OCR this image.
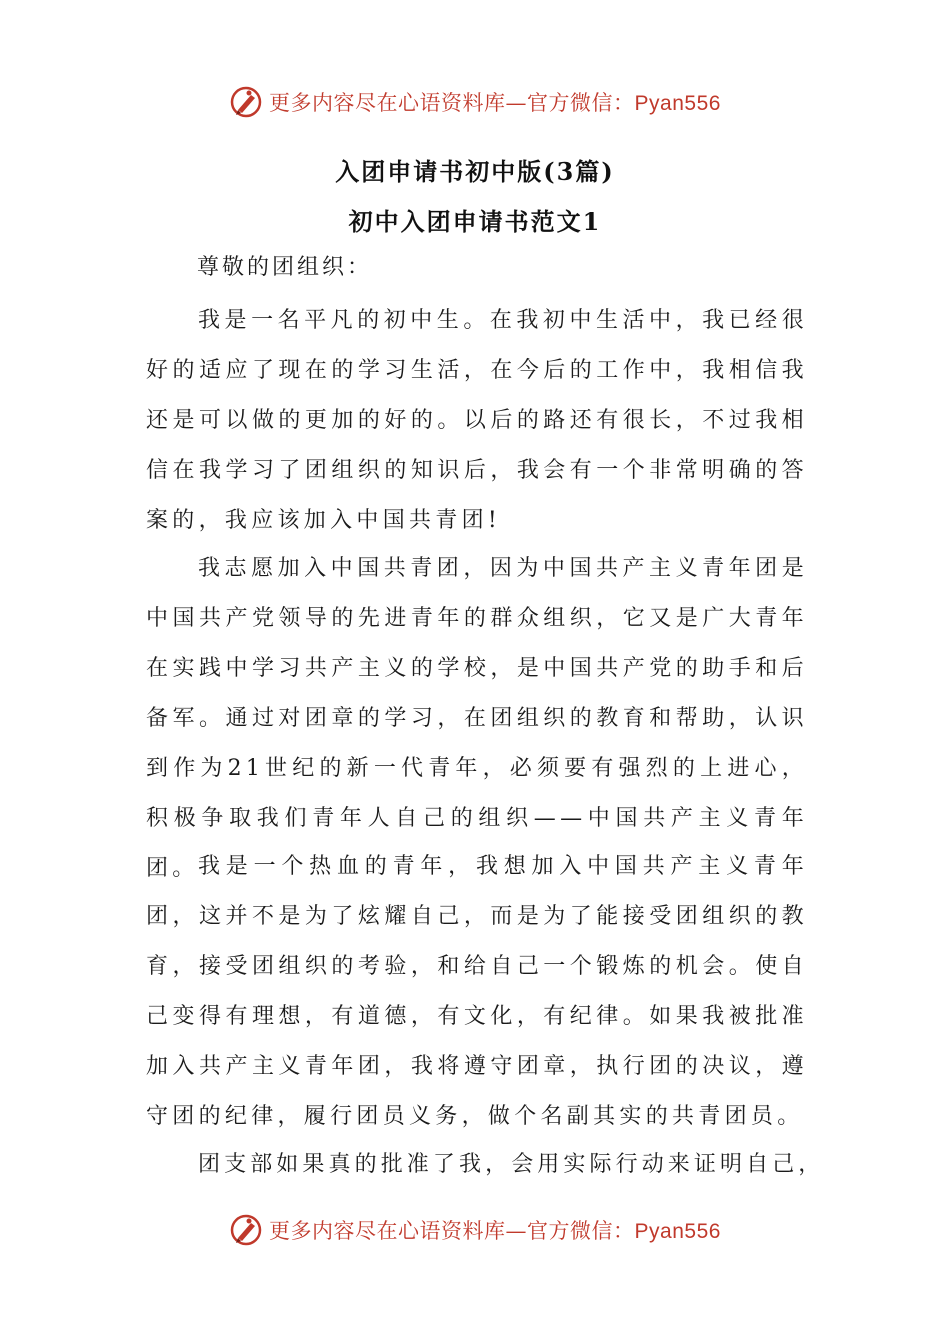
更多内容尽在心语资料库—官方微信：Pyan556
入团申请书初中版(3篇)
初中入团申请书范文1
尊敬的团组织：
我是一名平凡的初中生。在我初中生活中，我已经很好的适应了现在的学习生活，在今后的工作中，我相信我还是可以做的更加的好的。以后的路还有很长，不过我相信在我学习了团组织的知识后，我会有一个非常明确的答案的，我应该加入中国共青团!
我志愿加入中国共青团，因为中国共产主义青年团是中国共产党领导的先进青年的群众组织，它又是广大青年在实践中学习共产主义的学校，是中国共产党的助手和后备军。通过对团章的学习，在团组织的教育和帮助，认识到作为21世纪的新一代青年，必须要有强烈的上进心，积极争取我们青年人自己的组织——中国共产主义青年团。 我是一个热血的青年，我想加入中国共产主义青年团，这并不是为了炫耀自己，而是为了能接受团组织的教育，接受团组织的考验，和给自己一个锻炼的机会。使自己变得有理想，有道德，有文化，有纪律。如果我被批准加入共产主义青年团，我将遵守团章，执行团的决议，遵守团的纪律，履行团员义务，做个名副其实的共青团员。
团支部如果真的批准了我，会用实际行动来证明自己，
更多内容尽在心语资料库—官方微信：Pyan556
